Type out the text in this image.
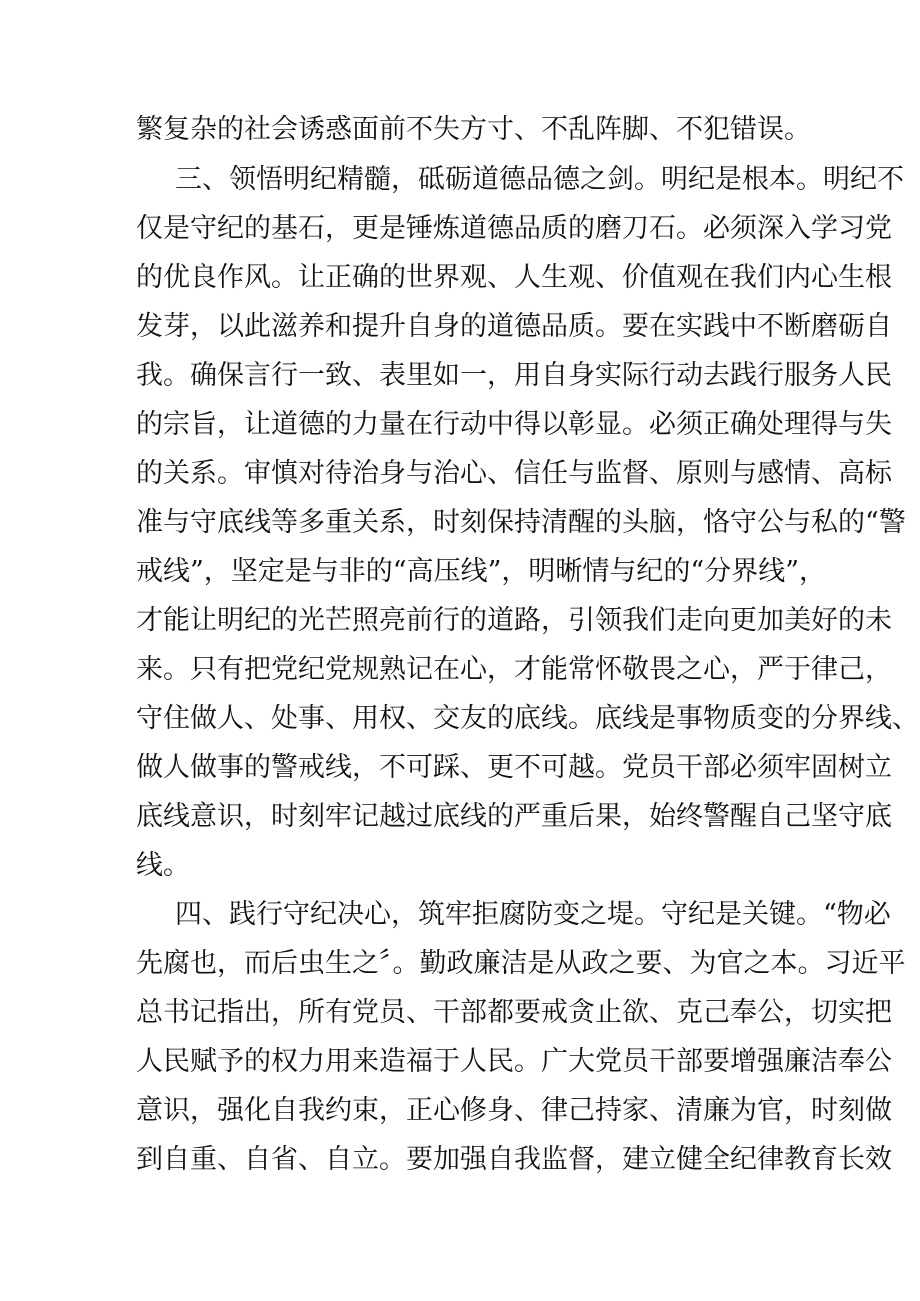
繁复杂的社会诱惑面前不失方寸、不乱阵脚、不犯错误。
三、领悟明纪精髓，砥砺道德品德之剑。明纪是根本。明纪不
仅是守纪的基石，更是锤炼道德品质的磨刀石。必须深入学习党
的优良作风。让正确的世界观、人生观、价值观在我们内心生根
发芽，以此滋养和提升自身的道德品质。要在实践中不断磨砺自
我。确保言行一致、表里如一，用自身实际行动去践行服务人民
的宗旨，让道德的力量在行动中得以彰显。必须正确处理得与失
的关系。审慎对待治身与治心、信任与监督、原则与感情、高标
准与守底线等多重关系，时刻保持清醒的头脑，恪守公与私的“警
戒线”，坚定是与非的“高压线”，明晰情与纪的“分界线”，
才能让明纪的光芒照亮前行的道路，引领我们走向更加美好的未
来。只有把党纪党规熟记在心，才能常怀敬畏之心，严于律己，
守住做人、处事、用权、交友的底线。底线是事物质变的分界线、
做人做事的警戒线，不可踩、更不可越。党员干部必须牢固树立
底线意识，时刻牢记越过底线的严重后果，始终警醒自己坚守底
线。
四、践行守纪决心，筑牢拒腐防变之堤。守纪是关键。“物必
先腐也，而后虫生之〞。勤政廉洁是从政之要、为官之本。习近平
总书记指出，所有党员、干部都要戒贪止欲、克己奉公，切实把
人民赋予的权力用来造福于人民。广大党员干部要增强廉洁奉公
意识，强化自我约束，正心修身、律己持家、清廉为官，时刻做
到自重、自省、自立。要加强自我监督，建立健全纪律教育长效
